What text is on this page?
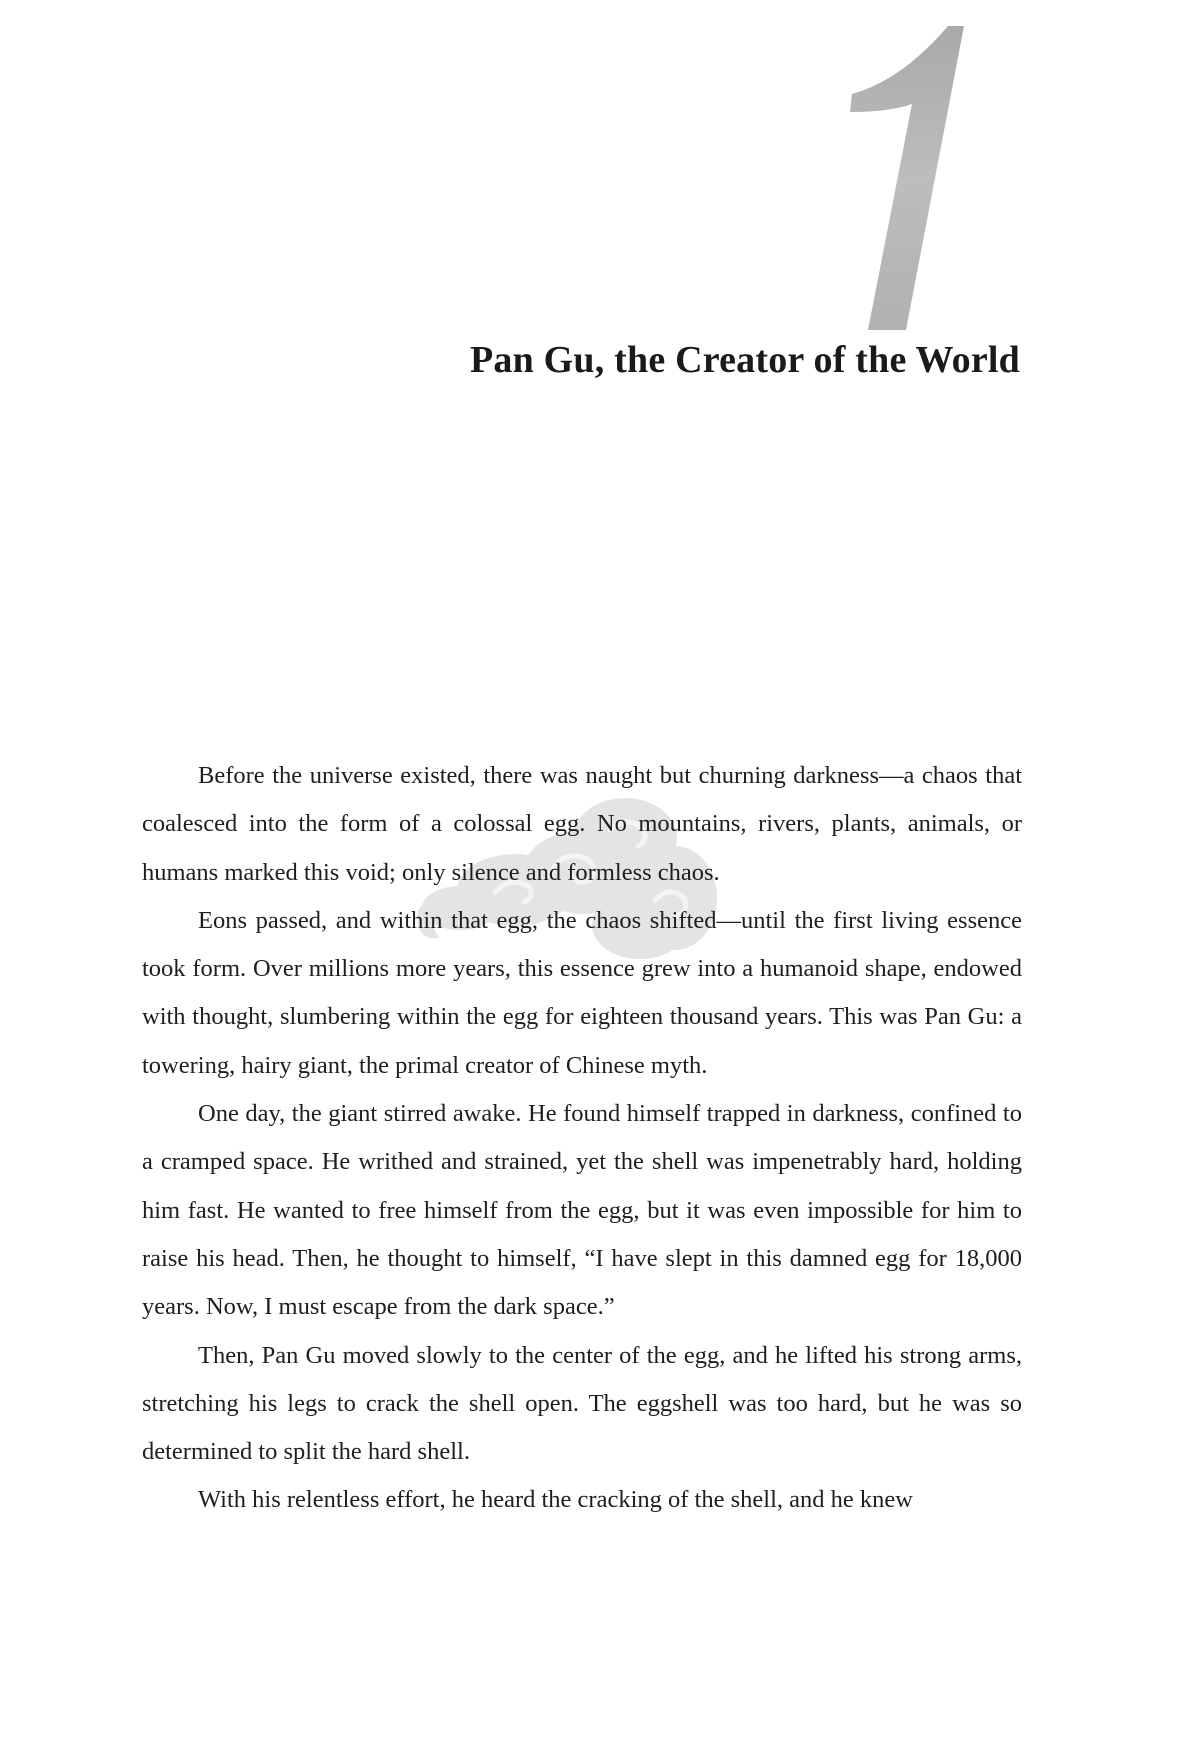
Pan Gu, the Creator of the World

Before the universe existed, there was naught but churning darkness—a chaos that coalesced into the form of a colossal egg. No mountains, rivers, plants, animals, or humans marked this void; only silence and formless chaos.

Eons passed, and within that egg, the chaos shifted—until the first living essence took form. Over millions more years, this essence grew into a humanoid shape, endowed with thought, slumbering within the egg for eighteen thousand years. This was Pan Gu: a towering, hairy giant, the primal creator of Chinese myth.

One day, the giant stirred awake. He found himself trapped in darkness, confined to a cramped space. He writhed and strained, yet the shell was impenetrably hard, holding him fast. He wanted to free himself from the egg, but it was even impossible for him to raise his head. Then, he thought to himself, “I have slept in this damned egg for 18,000 years. Now, I must escape from the dark space.”

Then, Pan Gu moved slowly to the center of the egg, and he lifted his strong arms, stretching his legs to crack the shell open. The eggshell was too hard, but he was so determined to split the hard shell.

With his relentless effort, he heard the cracking of the shell, and he knew
